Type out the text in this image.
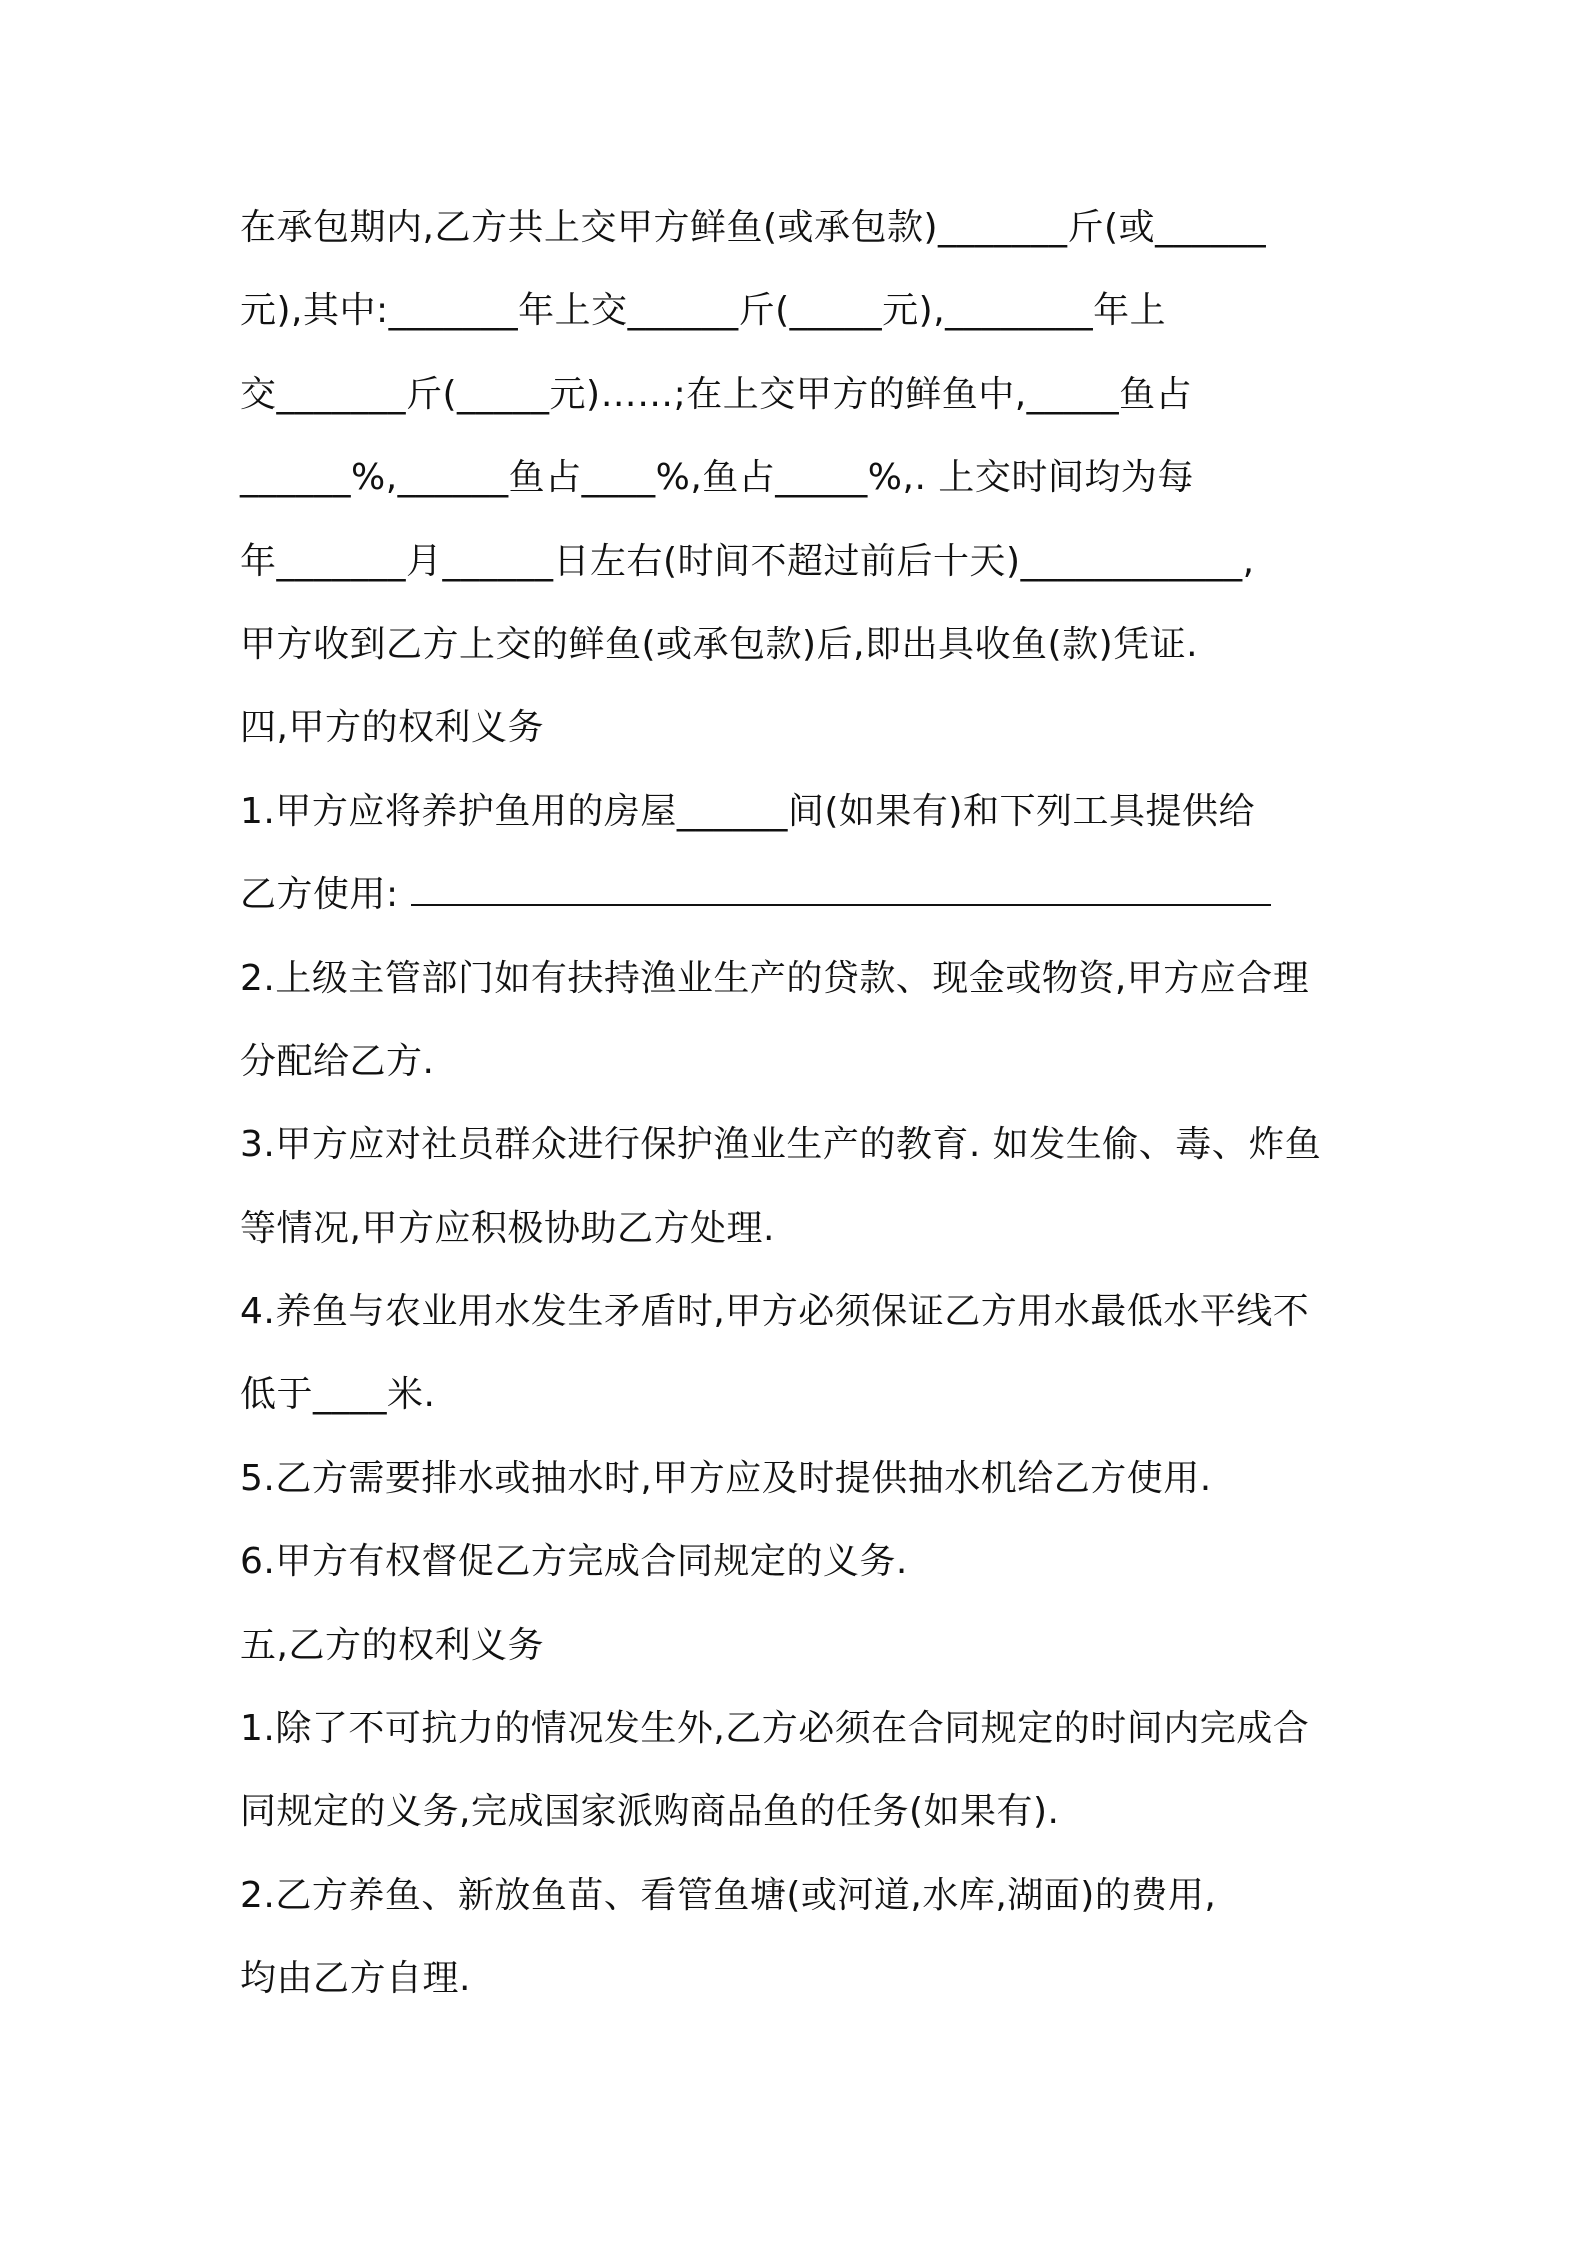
在承包期内,乙方共上交甲方鲜鱼(或承包款)_______斤(或______
元),其中:_______年上交______斤(_____元),________年上
交_______斤(_____元)……;在上交甲方的鲜鱼中,_____鱼占
______%,______鱼占____%,鱼占_____%,. 上交时间均为每
年_______月______日左右(时间不超过前后十天)____________,
甲方收到乙方上交的鲜鱼(或承包款)后,即出具收鱼(款)凭证.
四,甲方的权利义务
1.甲方应将养护鱼用的房屋______间(如果有)和下列工具提供给
乙方使用:
2.上级主管部门如有扶持渔业生产的贷款、现金或物资,甲方应合理
分配给乙方.
3.甲方应对社员群众进行保护渔业生产的教育. 如发生偷、毒、炸鱼
等情况,甲方应积极协助乙方处理.
4.养鱼与农业用水发生矛盾时,甲方必须保证乙方用水最低水平线不
低于____米.
5.乙方需要排水或抽水时,甲方应及时提供抽水机给乙方使用.
6.甲方有权督促乙方完成合同规定的义务.
五,乙方的权利义务
1.除了不可抗力的情况发生外,乙方必须在合同规定的时间内完成合
同规定的义务,完成国家派购商品鱼的任务(如果有).
2.乙方养鱼、新放鱼苗、看管鱼塘(或河道,水库,湖面)的费用,
均由乙方自理.
